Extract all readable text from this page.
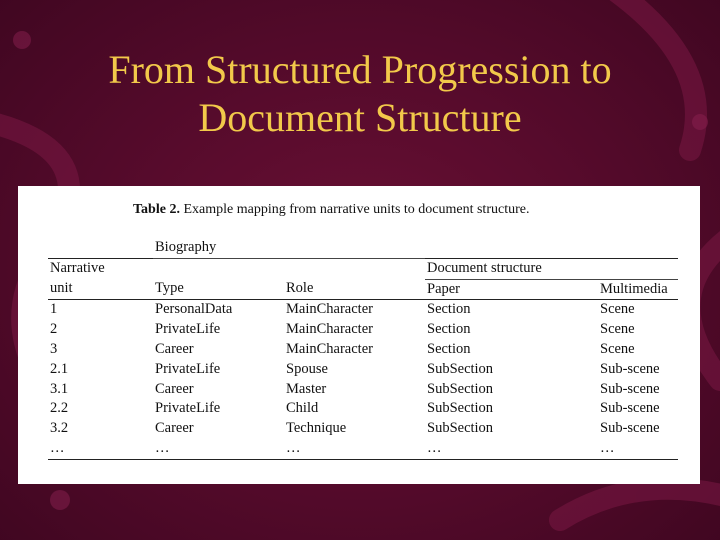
From Structured Progression to
Document Structure
Table 2. Example mapping from narrative units to document structure.
	Biography			
Narrative			Document structure	
unit	Type	Role	Paper	Multimedia
1	PersonalData	MainCharacter	Section	Scene
2	PrivateLife	MainCharacter	Section	Scene
3	Career	MainCharacter	Section	Scene
2.1	PrivateLife	Spouse	SubSection	Sub-scene
3.1	Career	Master	SubSection	Sub-scene
2.2	PrivateLife	Child	SubSection	Sub-scene
3.2	Career	Technique	SubSection	Sub-scene
…	…	…	…	…
